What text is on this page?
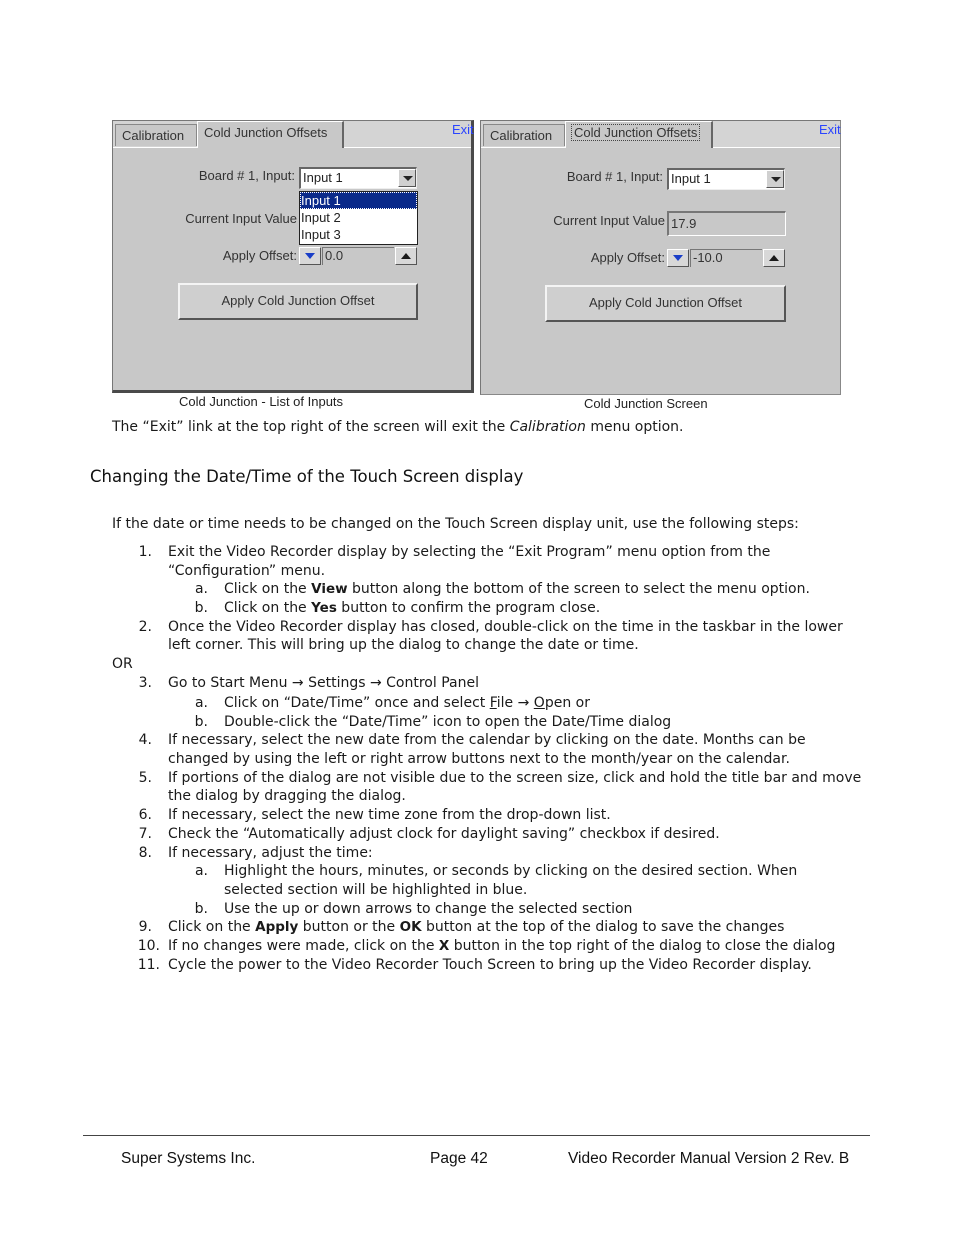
Calibration	Cold Junction Offsets	Exit
Board # 1, Input: Input 1
Input 1
Input 2
Input 3
Current Input Value
Apply Offset: 0.0
Apply Cold Junction Offset
Cold Junction - List of Inputs
Calibration	Cold Junction Offsets	Exit
Board # 1, Input: Input 1
Current Input Value 17.9
Apply Offset: -10.0
Apply Cold Junction Offset
Cold Junction Screen
The “Exit” link at the top right of the screen will exit the Calibration menu option.
Changing the Date/Time of the Touch Screen display
If the date or time needs to be changed on the Touch Screen display unit, use the following steps:
1. Exit the Video Recorder display by selecting the “Exit Program” menu option from the
“Configuration” menu.
a. Click on the View button along the bottom of the screen to select the menu option.
b. Click on the Yes button to confirm the program close.
2. Once the Video Recorder display has closed, double-click on the time in the taskbar in the lower
left corner. This will bring up the dialog to change the date or time.
OR
3. Go to Start Menu → Settings → Control Panel
a. Click on “Date/Time” once and select File → Open or
b. Double-click the “Date/Time” icon to open the Date/Time dialog
4. If necessary, select the new date from the calendar by clicking on the date. Months can be
changed by using the left or right arrow buttons next to the month/year on the calendar.
5. If portions of the dialog are not visible due to the screen size, click and hold the title bar and move
the dialog by dragging the dialog.
6. If necessary, select the new time zone from the drop-down list.
7. Check the “Automatically adjust clock for daylight saving” checkbox if desired.
8. If necessary, adjust the time:
a. Highlight the hours, minutes, or seconds by clicking on the desired section. When
selected section will be highlighted in blue.
b. Use the up or down arrows to change the selected section
9. Click on the Apply button or the OK button at the top of the dialog to save the changes
10. If no changes were made, click on the X button in the top right of the dialog to close the dialog
11. Cycle the power to the Video Recorder Touch Screen to bring up the Video Recorder display.
Super Systems Inc.	Page 42	Video Recorder Manual Version 2 Rev. B
